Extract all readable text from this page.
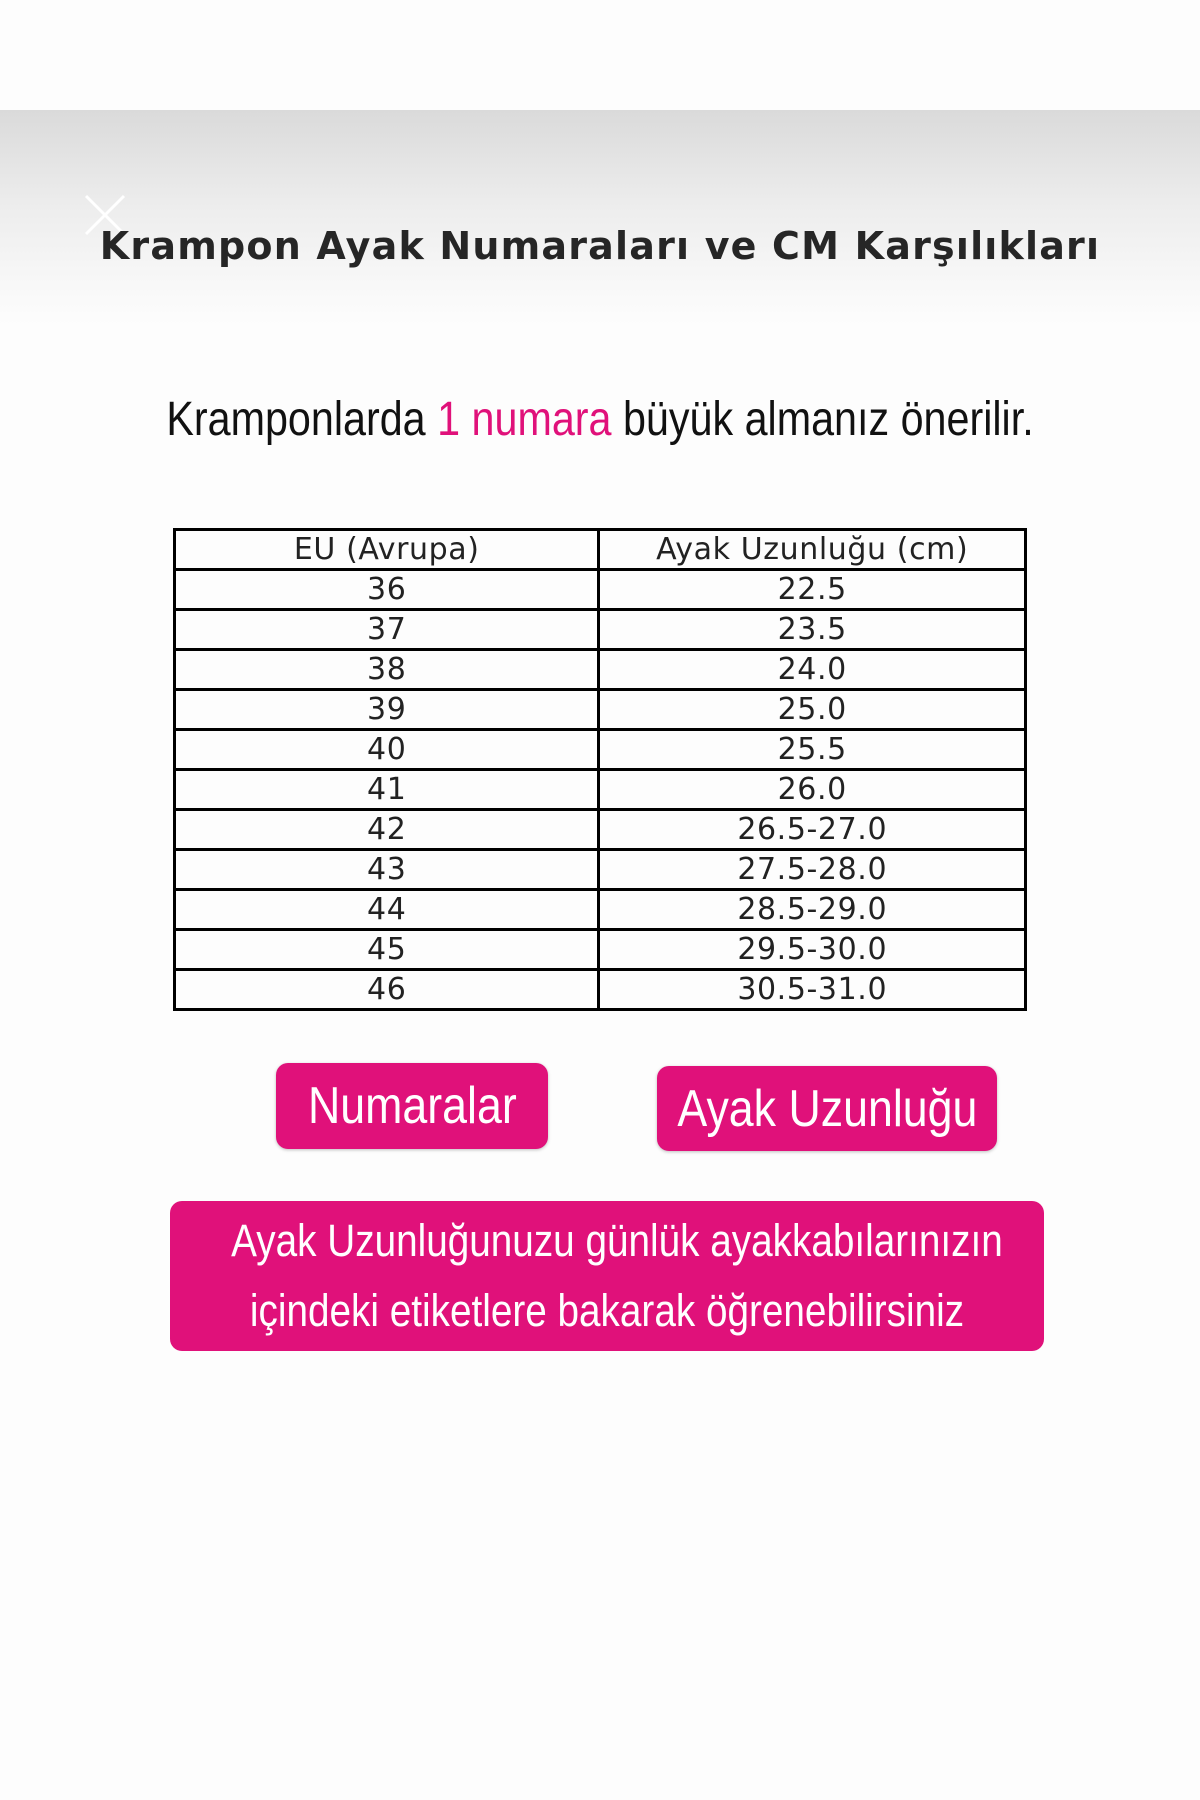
Krampon Ayak Numaraları ve CM Karşılıkları
Kramponlarda 1 numara büyük almanız önerilir.
EU (Avrupa)	Ayak Uzunluğu (cm)
36	22.5
37	23.5
38	24.0
39	25.0
40	25.5
41	26.0
42	26.5-27.0
43	27.5-28.0
44	28.5-29.0
45	29.5-30.0
46	30.5-31.0
Numaralar	Ayak Uzunluğu
Ayak Uzunluğunuzu günlük ayakkabılarınızın
içindeki etiketlere bakarak öğrenebilirsiniz
